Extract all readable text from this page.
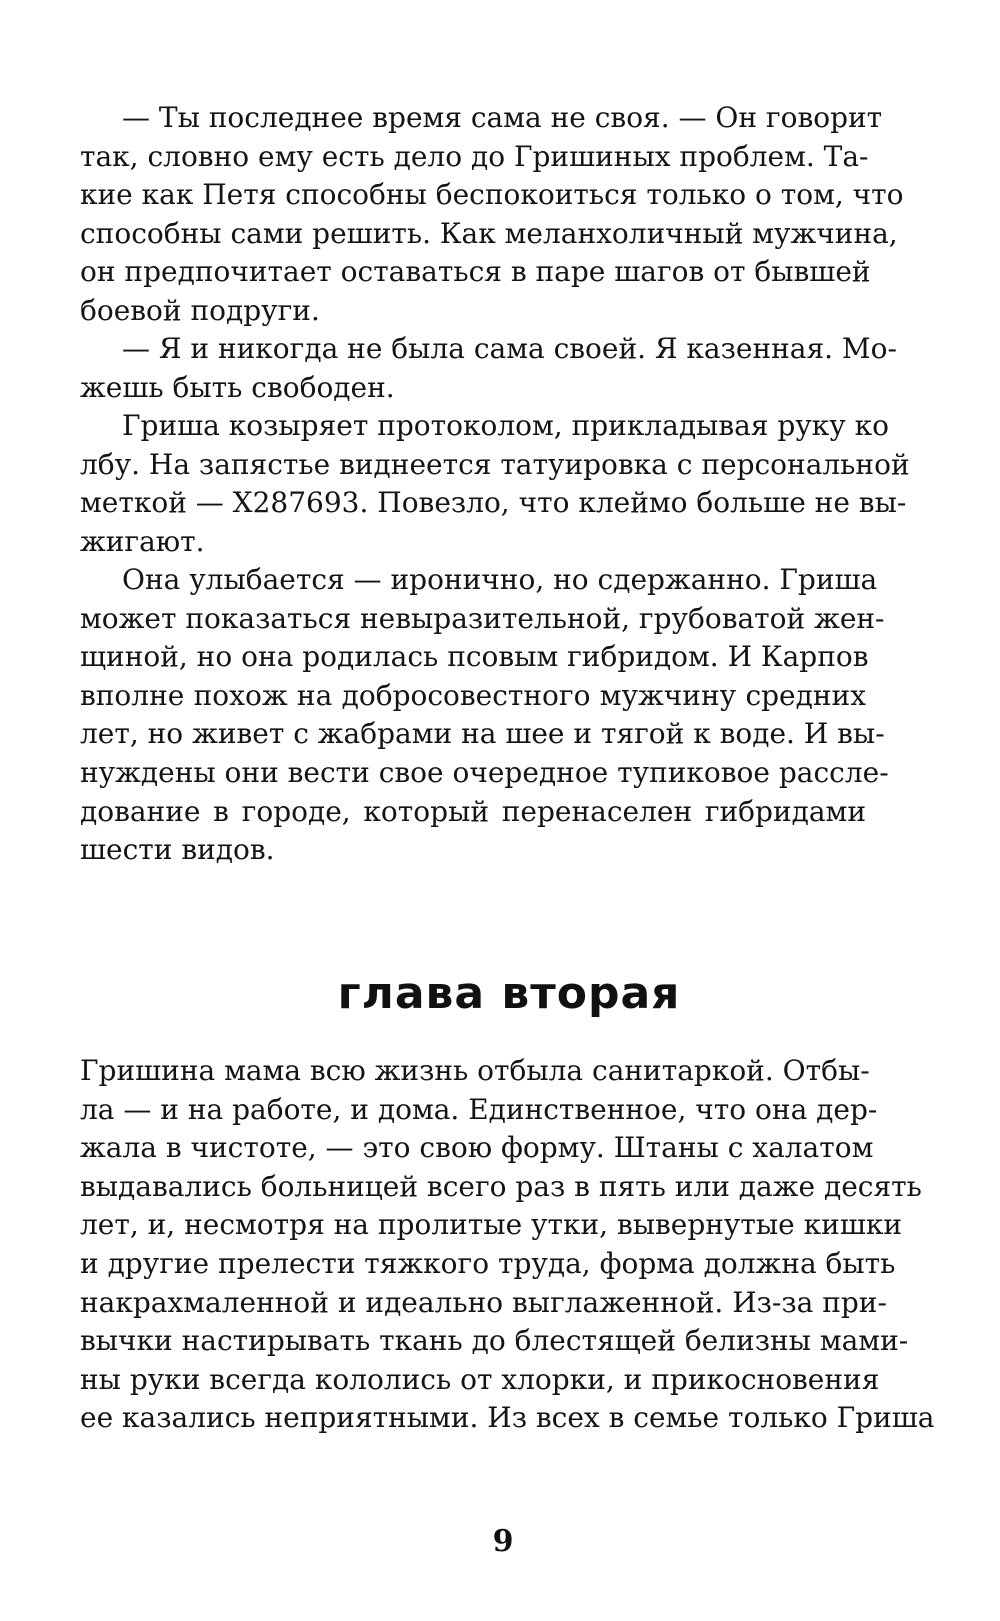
— Ты последнее время сама не своя. — Он говорит
так, словно ему есть дело до Гришиных проблем. Та-
кие как Петя способны беспокоиться только о том, что
способны сами решить. Как меланхоличный мужчина,
он предпочитает оставаться в паре шагов от бывшей
боевой подруги.
— Я и никогда не была сама своей. Я казенная. Мо-
жешь быть свободен.
Гриша козыряет протоколом, прикладывая руку ко
лбу. На запястье виднеется татуировка с персональной
меткой — X287693. Повезло, что клеймо больше не вы-
жигают.
Она улыбается — иронично, но сдержанно. Гриша
может показаться невыразительной, грубоватой жен-
щиной, но она родилась псовым гибридом. И Карпов
вполне похож на добросовестного мужчину средних
лет, но живет с жабрами на шее и тягой к воде. И вы-
нуждены они вести свое очередное тупиковое рассле-
дование в городе, который перенаселен гибридами
шести видов.
глава вторая
Гришина мама всю жизнь отбыла санитаркой. Отбы-
ла — и на работе, и дома. Единственное, что она дер-
жала в чистоте, — это свою форму. Штаны с халатом
выдавались больницей всего раз в пять или даже десять
лет, и, несмотря на пролитые утки, вывернутые кишки
и другие прелести тяжкого труда, форма должна быть
накрахмаленной и идеально выглаженной. Из-за при-
вычки настирывать ткань до блестящей белизны мами-
ны руки всегда кололись от хлорки, и прикосновения
ее казались неприятными. Из всех в семье только Гриша
9
